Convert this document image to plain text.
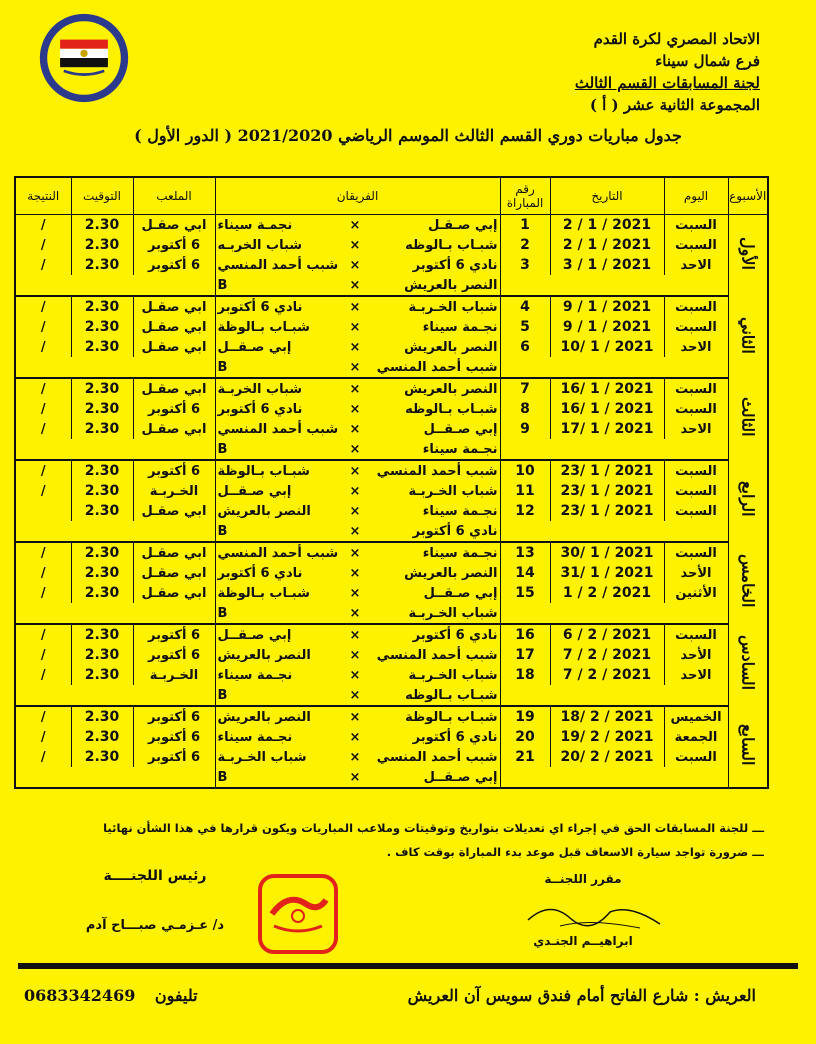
الاتحاد المصري لكرة القدم
فرع شمال سيناء
لجنة المسابقات القسم الثالث
المجموعة الثانية عشر ( أ )
جدول مباريات دوري القسم الثالث الموسم الرياضي 2021/2020 ( الدور الأول )
الأسبوع	اليوم	التاريخ	رقم المباراة	الفريقان			الملعب	التوقيت	النتيجة
الأول	السبت	2021 / 1 / 2	1	إبي صـقـل	×	نجمـة سيناء	ابي صقـل	2.30	/
	السبت	2021 / 1 / 2	2	شبـاب بـالوظه	×	شباب الخربـه	6 أكتوبر	2.30	/
	الاحد	2021 / 1 / 3	3	نادي 6 أكتوبر	×	شبب أحمد المنسي	6 أكتوبر	2.30	/
				النصر بالعريش	×	B			
الثاني	السبت	2021 / 1 / 9	4	شباب الخـربـة	×	نادي 6 أكتوبر	ابي صقـل	2.30	/
	السبت	2021 / 1 / 9	5	نجـمة سيناء	×	شبـاب بـالوظة	ابي صقـل	2.30	/
	الاحد	2021 / 1 /10	6	النصر بالعريش	×	إبي صـقــل	ابي صقـل	2.30	/
				شبب أحمد المنسي	×	B			
الثالث	السبت	2021 / 1 /16	7	النصر بالعريش	×	شباب الخربـة	ابي صقـل	2.30	/
	السبت	2021 / 1 /16	8	شبـاب بـالوظه	×	نادي 6 أكتوبر	6 أكتوبر	2.30	/
	الاحد	2021 / 1 /17	9	إبي صـقــل	×	شبب أحمد المنسي	ابي صقـل	2.30	/
				نجـمة سيناء	×	B			
الرابع	السبت	2021 / 1 /23	10	شبب أحمد المنسي	×	شبـاب بـالوظة	6 أكتوبر	2.30	/
	السبت	2021 / 1 /23	11	شباب الخـربـة	×	إبي صـقــل	الخـربـة	2.30	/
	السبت	2021 / 1 /23	12	نجـمة سيناء	×	النصر بالعريش	ابي صقـل	2.30	
				نادي 6 أكتوبر	×	B			
الخامس	السبت	2021 / 1 /30	13	نجـمة سيناء	×	شبب أحمد المنسي	ابي صقـل	2.30	/
	الأحد	2021 / 1 /31	14	النصر بالعريش	×	نادي 6 أكتوبر	ابي صقـل	2.30	/
	الأثنين	2021 / 2 / 1	15	إبي صـقــل	×	شبـاب بـالوظة	ابي صقـل	2.30	/
				شباب الخـربـة	×	B			
السادس	السبت	2021 / 2 / 6	16	نادي 6 أكتوبر	×	إبي صـقــل	6 أكتوبر	2.30	/
	الأحد	2021 / 2 / 7	17	شبب أحمد المنسي	×	النصر بالعريش	6 أكتوبر	2.30	/
	الاحد	2021 / 2 / 7	18	شباب الخـربـة	×	نجـمة سيناء	الخـربـة	2.30	/
				شبـاب بـالوظه	×	B			
السابع	الخميس	2021 / 2 /18	19	شبـاب بـالوظة	×	النصر بالعريش	6 أكتوبر	2.30	/
	الجمعة	2021 / 2 /19	20	نادي 6 أكتوبر	×	نجـمة سيناء	6 أكتوبر	2.30	/
	السبت	2021 / 2 /20	21	شبب أحمد المنسي	×	شباب الخـربـة	6 أكتوبر	2.30	/
				إبي صـقــل	×	B			
ـــ للجنة المسابقات الحق في إجراء اي تعديلات بتواريخ وتوقيتات وملاعب المباريات ويكون قرارها في هذا الشأن نهائيا
ـــ ضرورة تواجد سيارة الاسعاف قبل موعد بدء المباراة بوقت كاف .
رئيس اللجنــــة
د/ عـزمـي صبـــاح آدم
مقرر اللجنــة
ابراهيــم الجنـدي
العريش : شارع الفاتح أمام فندق سويس آن العريش
0683342469 تليفون
